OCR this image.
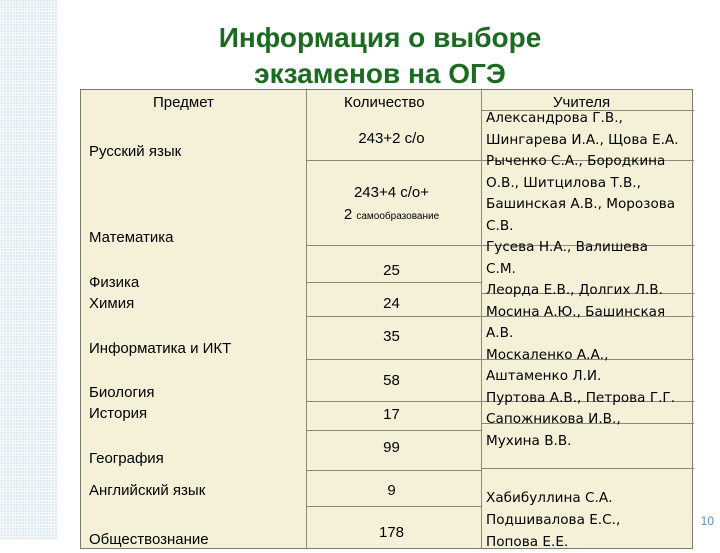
Информация о выборе
экзаменов на ОГЭ
Предмет	Количество	Учителя
Русский язык
Математика
Физика
Химия
Информатика и ИКТ
Биология
История
География
Английский язык
Обществознание
243+2 с/о
243+4 с/о+
2 самообразование
25
24
35
58
17
99
9
178
Александрова Г.В.,
Шингарева И.А., Щова Е.А.
Рыченко С.А., Бородкина
О.В., Шитцилова Т.В.,
Башинская А.В., Морозова
С.В.
Гусева Н.А., Валишева
С.М.
Леорда Е.В., Долгих Л.В.
Мосина А.Ю., Башинская
А.В.
Москаленко А.А.,
Аштаменко Л.И.
Пуртова А.В., Петрова Г.Г.
Сапожникова И.В.,
Мухина В.В.
Хабибуллина С.А.
Подшивалова Е.С.,
Попова Е.Е.
10
